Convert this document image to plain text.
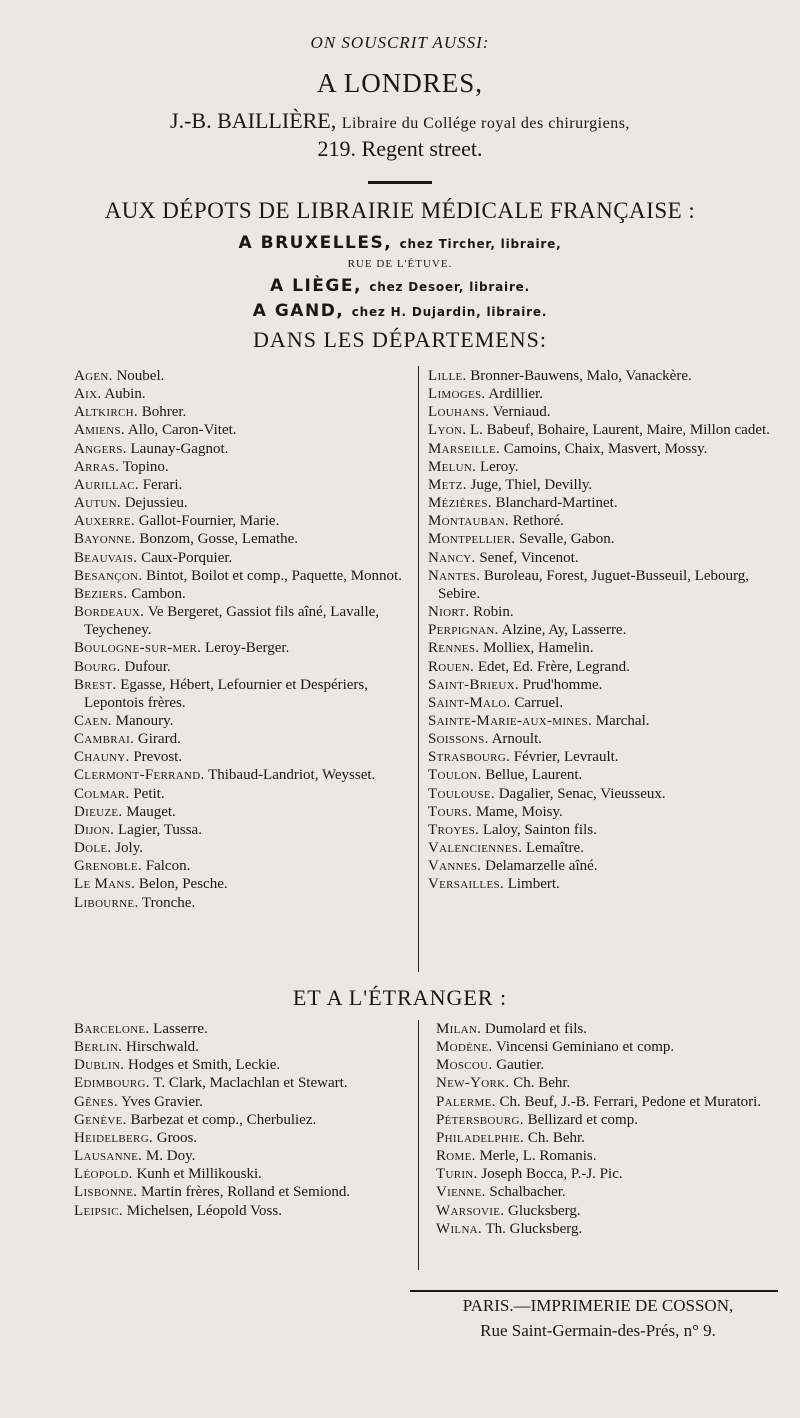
ON SOUSCRIT AUSSI:
A LONDRES,
J.-B. BAILLIÈRE, Libraire du Collége royal des chirurgiens,
219. Regent street.
AUX DÉPOTS DE LIBRAIRIE MÉDICALE FRANÇAISE :
A BRUXELLES, chez Tircher, libraire,
RUE DE L'ÉTUVE.
A LIÈGE, chez Desoer, libraire.
A GAND, chez H. Dujardin, libraire.
DANS LES DÉPARTEMENS:
Agen. Noubel.
Aix. Aubin.
Altkirch. Bohrer.
Amiens. Allo, Caron-Vitet.
Angers. Launay-Gagnot.
Arras. Topino.
Aurillac. Ferari.
Autun. Dejussieu.
Auxerre. Gallot-Fournier, Marie.
Bayonne. Bonzom, Gosse, Lemathe.
Beauvais. Caux-Porquier.
Besançon. Bintot, Boilot et comp., Paquette, Monnot.
Beziers. Cambon.
Bordeaux. Ve Bergeret, Gassiot fils aîné, Lavalle, Teycheney.
Boulogne-sur-mer. Leroy-Berger.
Bourg. Dufour.
Brest. Egasse, Hébert, Lefournier et Despériers, Lepontois frères.
Caen. Manoury.
Cambrai. Girard.
Chauny. Prevost.
Clermont-Ferrand. Thibaud-Landriot, Weysset.
Colmar. Petit.
Dieuze. Mauget.
Dijon. Lagier, Tussa.
Dole. Joly.
Grenoble. Falcon.
Le Mans. Belon, Pesche.
Libourne. Tronche.
Lille. Bronner-Bauwens, Malo, Vanackère.
Limoges. Ardillier.
Louhans. Verniaud.
Lyon. L. Babeuf, Bohaire, Laurent, Maire, Millon cadet.
Marseille. Camoins, Chaix, Masvert, Mossy.
Melun. Leroy.
Metz. Juge, Thiel, Devilly.
Mézières. Blanchard-Martinet.
Montauban. Rethoré.
Montpellier. Sevalle, Gabon.
Nancy. Senef, Vincenot.
Nantes. Buroleau, Forest, Juguet-Busseuil, Lebourg, Sebire.
Niort. Robin.
Perpignan. Alzine, Ay, Lasserre.
Rennes. Molliex, Hamelin.
Rouen. Edet, Ed. Frère, Legrand.
Saint-Brieux. Prud'homme.
Saint-Malo. Carruel.
Sainte-Marie-aux-mines. Marchal.
Soissons. Arnoult.
Strasbourg. Février, Levrault.
Toulon. Bellue, Laurent.
Toulouse. Dagalier, Senac, Vieusseux.
Tours. Mame, Moisy.
Troyes. Laloy, Sainton fils.
Valenciennes. Lemaître.
Vannes. Delamarzelle aîné.
Versailles. Limbert.
ET A L'ÉTRANGER :
Barcelone. Lasserre.
Berlin. Hirschwald.
Dublin. Hodges et Smith, Leckie.
Edimbourg. T. Clark, Maclachlan et Stewart.
Gênes. Yves Gravier.
Genève. Barbezat et comp., Cherbuliez.
Heidelberg. Groos.
Lausanne. M. Doy.
Léopold. Kunh et Millikouski.
Lisbonne. Martin frères, Rolland et Semiond.
Leipsic. Michelsen, Léopold Voss.
Milan. Dumolard et fils.
Modène. Vincensi Geminiano et comp.
Moscou. Gautier.
New-York. Ch. Behr.
Palerme. Ch. Beuf, J.-B. Ferrari, Pedone et Muratori.
Pétersbourg. Bellizard et comp.
Philadelphie. Ch. Behr.
Rome. Merle, L. Romanis.
Turin. Joseph Bocca, P.-J. Pic.
Vienne. Schalbacher.
Warsovie. Glucksberg.
Wilna. Th. Glucksberg.
PARIS.—IMPRIMERIE DE COSSON,
Rue Saint-Germain-des-Prés, n° 9.
